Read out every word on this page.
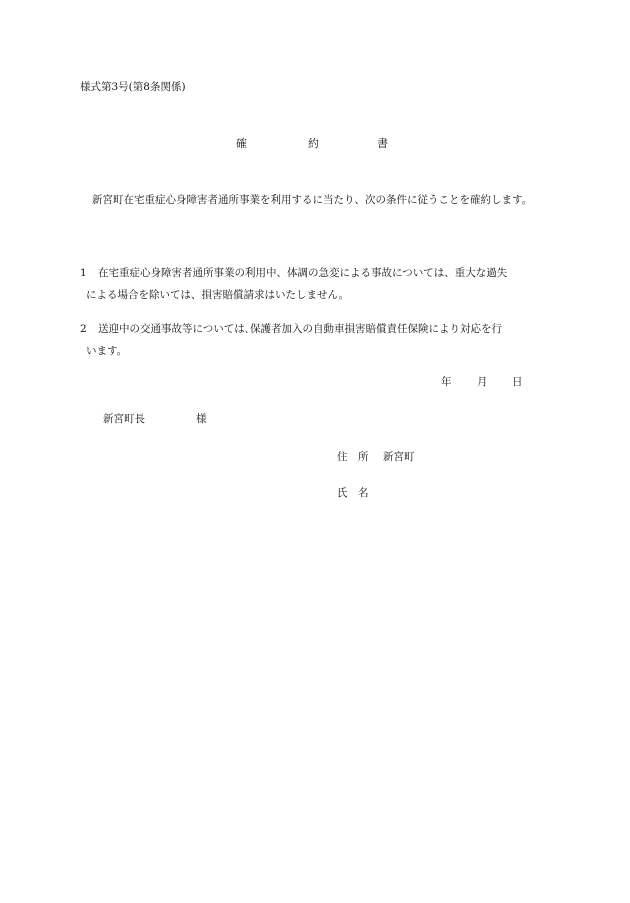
様式第3号(第8条関係)
確	約	書
新宮町在宅重症心身障害者通所事業を利用するに当たり、次の条件に従うことを確約します。
1 在宅重症心身障害者通所事業の利用中、体調の急変による事故については、重大な過失
による場合を除いては、損害賠償請求はいたしません。
2 送迎中の交通事故等については､保護者加入の自動車損害賠償責任保険により対応を行
います。
年 月 日
新宮町長	様
住　所 新宮町
氏　名
